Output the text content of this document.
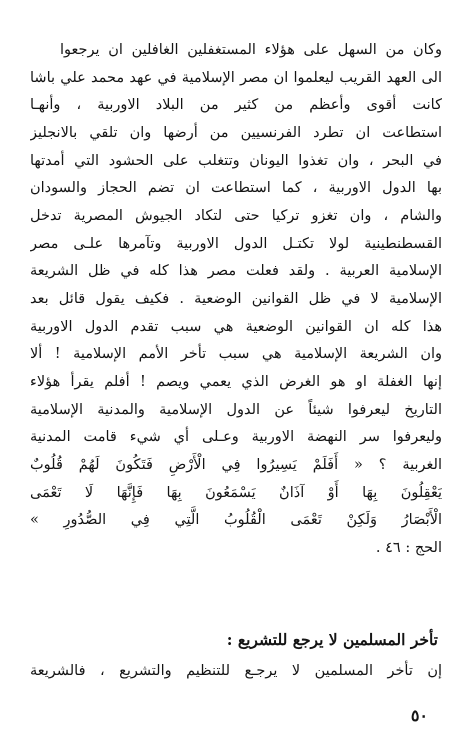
وكان من السهل على هؤلاء المستغفلين الغافلين ان يرجعوا
الى العهد القريب ليعلموا ان مصر الإسلامية في عهد محمد علي باشا
كانت أقوى وأعظم من كثير من البلاد الاوربية ، وأنهـا
استطاعت ان تطرد الفرنسيين من أرضها وان تلقي بالانجليز
في البحر ، وان تغذوا اليونان وتتغلب على الحشود التي أمدتها
بها الدول الاوربية ، كما استطاعت ان تضم الحجاز والسودان
والشام ، وان تغزو تركيا حتى لتكاد الجيوش المصرية تدخل
القسطنطينية لولا تكتـل الدول الاوربية وتآمرها علـى مصر
الإسلامية العربية . ولقد فعلت مصر هذا كله في ظل الشريعة
الإسلامية لا في ظل القوانين الوضعية . فكيف يقول قائل بعد
هذا كله ان القوانين الوضعية هي سبب تقدم الدول الاوربية
وان الشريعة الإسلامية هي سبب تأخر الأمم الإسلامية ! ألا
إنها الغفلة او هو الغرض الذي يعمي ويصم ! أفلم يقرأ هؤلاء
التاريخ ليعرفوا شيئاً عن الدول الإسلامية والمدنية الإسلامية
وليعرفوا سر النهضة الاوربية وعـلى أي شيء قامت المدنية
الغربية ؟ « أَفَلَمْ يَسِيرُوا فِي الْأَرْضِ فَتَكُونَ لَهُمْ قُلُوبٌ
يَعْقِلُونَ بِهَا أَوْ آذَانٌ يَسْمَعُونَ بِهَا فَإِنَّهَا لَا تَعْمَى
الْأَبْصَارُ وَلَكِنْ تَعْمَى الْقُلُوبُ الَّتِي فِي الصُّدُورِ »
الحج : ٤٦ .
تأخر المسلمين لا يرجع للتشريع :
إن تأخر المسلمين لا يرجـع للتنظيم والتشريع ، فالشريعة
٥٠
